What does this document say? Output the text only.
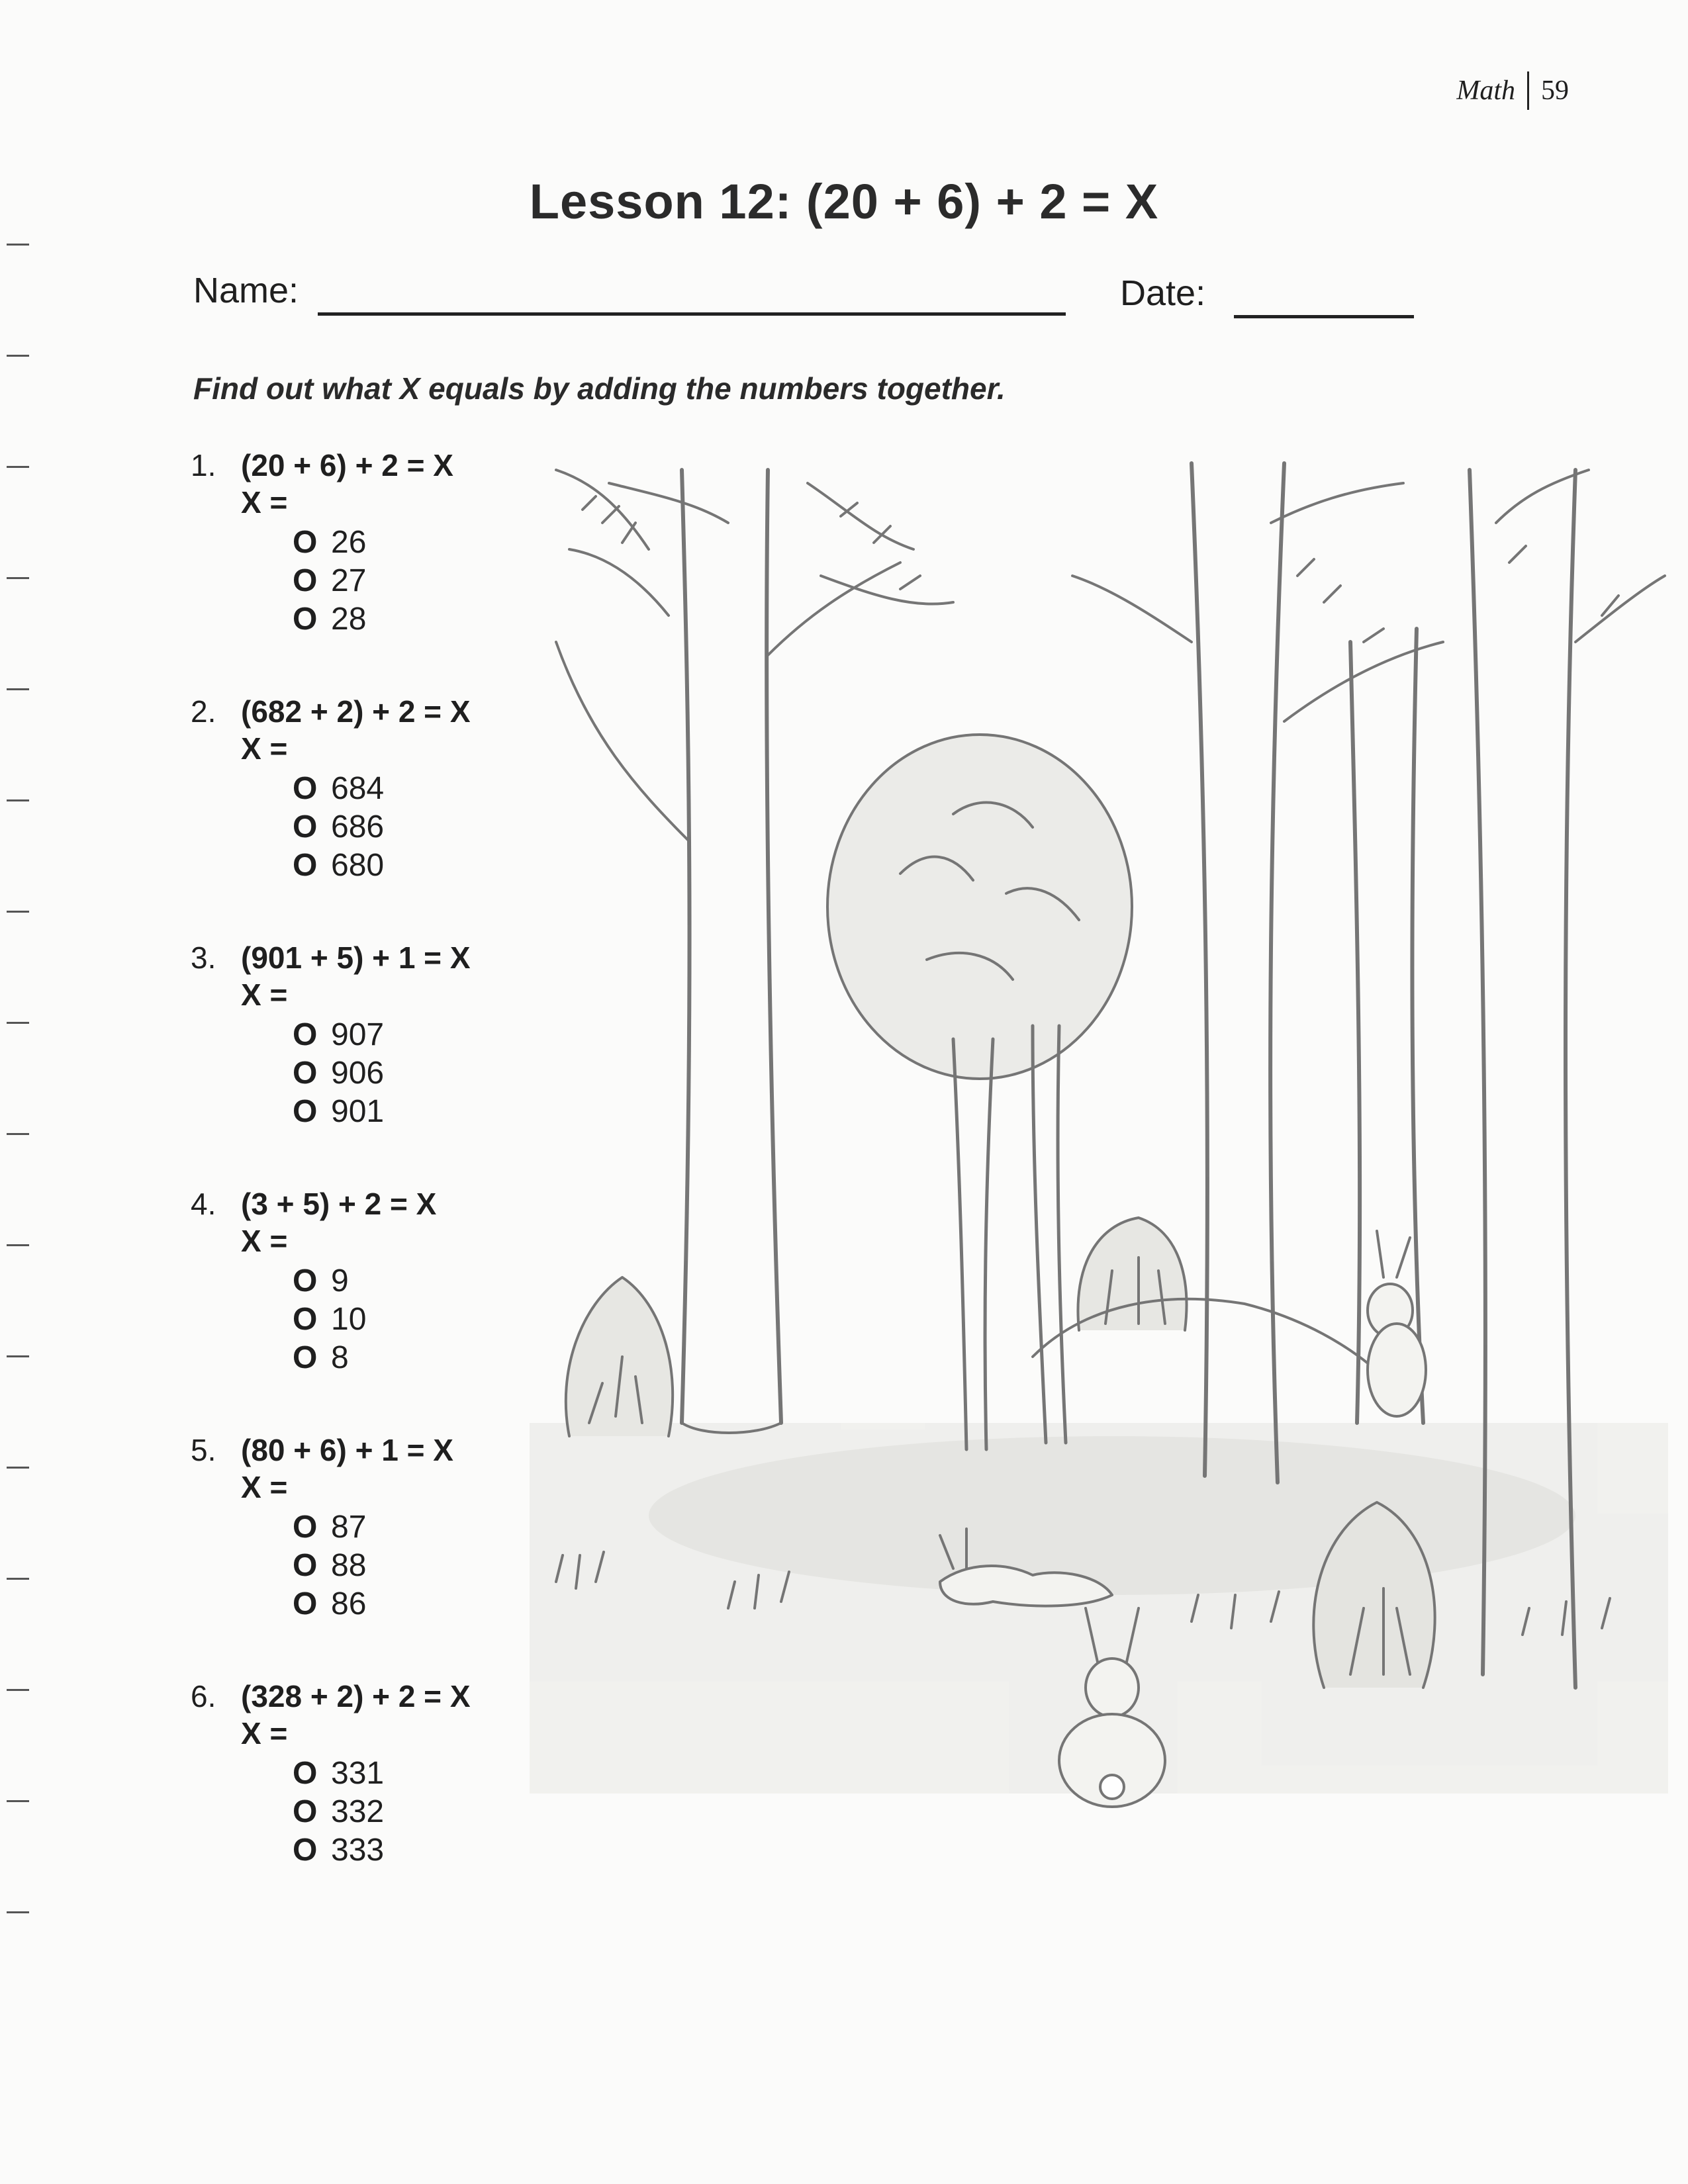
Math 59
Lesson 12: (20 + 6) + 2 = X
Name:	Date:
Find out what X equals by adding the numbers together.
1. (20 + 6) + 2 = X
X =
O 26
O 27
O 28
2. (682 + 2) + 2 = X
X =
O 684
O 686
O 680
3. (901 + 5) + 1 = X
X =
O 907
O 906
O 901
4. (3 + 5) + 2 = X
X =
O 9
O 10
O 8
5. (80 + 6) + 1 = X
X =
O 87
O 88
O 86
6. (328 + 2) + 2 = X
X =
O 331
O 332
O 333
